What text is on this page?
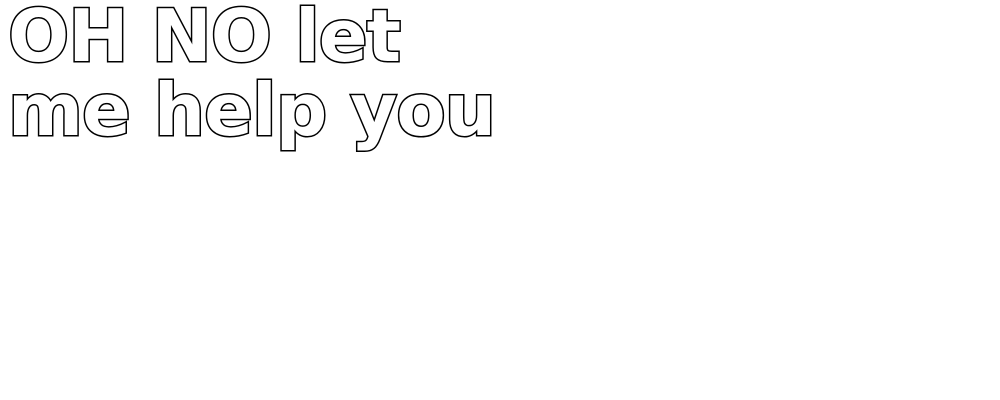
OH NO let
me help you
